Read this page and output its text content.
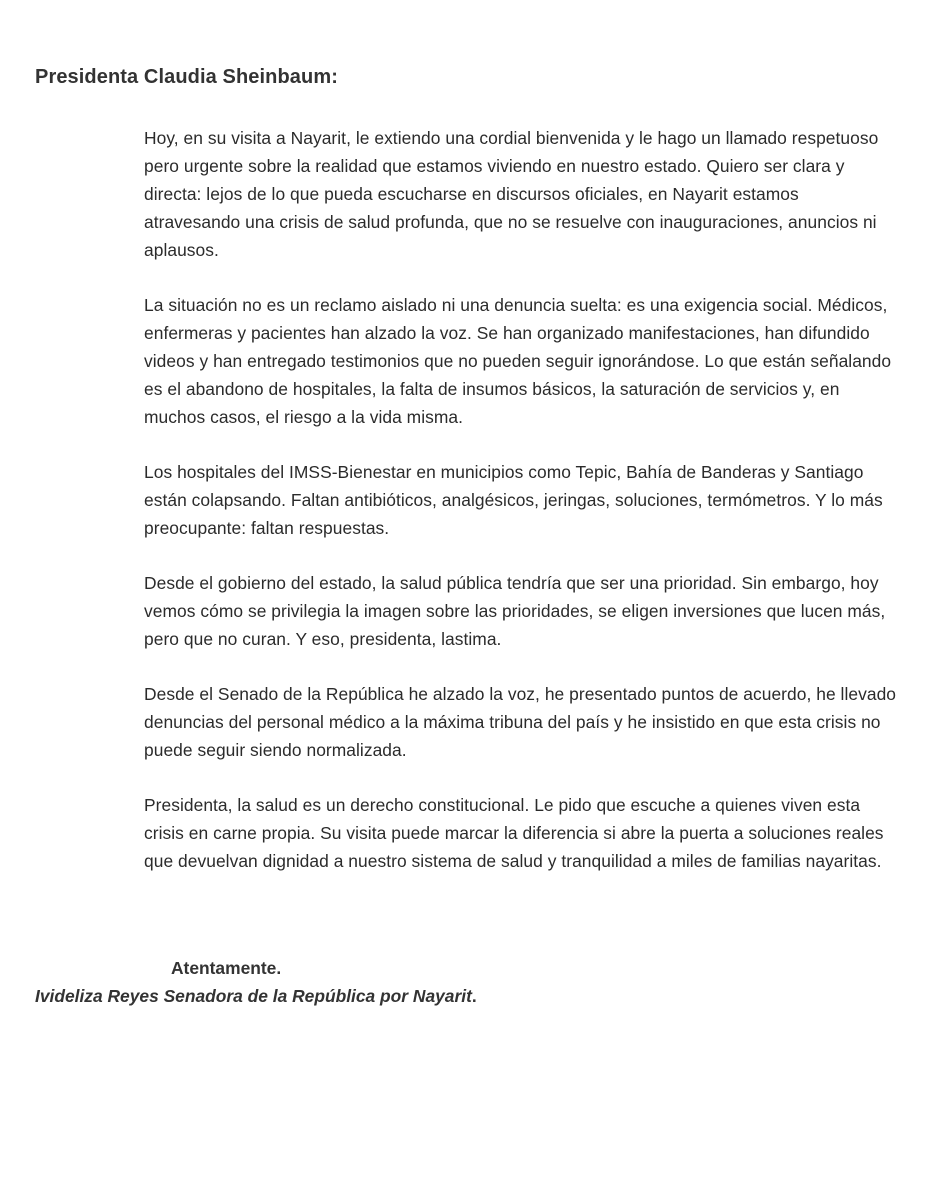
Presidenta Claudia Sheinbaum:

Hoy, en su visita a Nayarit, le extiendo una cordial bienvenida y le hago un llamado respetuoso pero urgente sobre la realidad que estamos viviendo en nuestro estado. Quiero ser clara y directa: lejos de lo que pueda escucharse en discursos oficiales, en Nayarit estamos atravesando una crisis de salud profunda, que no se resuelve con inauguraciones, anuncios ni aplausos.

La situación no es un reclamo aislado ni una denuncia suelta: es una exigencia social. Médicos, enfermeras y pacientes han alzado la voz. Se han organizado manifestaciones, han difundido videos y han entregado testimonios que no pueden seguir ignorándose. Lo que están señalando es el abandono de hospitales, la falta de insumos básicos, la saturación de servicios y, en muchos casos, el riesgo a la vida misma.

Los hospitales del IMSS-Bienestar en municipios como Tepic, Bahía de Banderas y Santiago están colapsando. Faltan antibióticos, analgésicos, jeringas, soluciones, termómetros. Y lo más preocupante: faltan respuestas.

Desde el gobierno del estado, la salud pública tendría que ser una prioridad. Sin embargo, hoy vemos cómo se privilegia la imagen sobre las prioridades, se eligen inversiones que lucen más, pero que no curan. Y eso, presidenta, lastima.

Desde el Senado de la República he alzado la voz, he presentado puntos de acuerdo, he llevado denuncias del personal médico a la máxima tribuna del país y he insistido en que esta crisis no puede seguir siendo normalizada.

Presidenta, la salud es un derecho constitucional. Le pido que escuche a quienes viven esta crisis en carne propia. Su visita puede marcar la diferencia si abre la puerta a soluciones reales que devuelvan dignidad a nuestro sistema de salud y tranquilidad a miles de familias nayaritas.

Atentamente.

Ivideliza Reyes Senadora de la República por Nayarit.
